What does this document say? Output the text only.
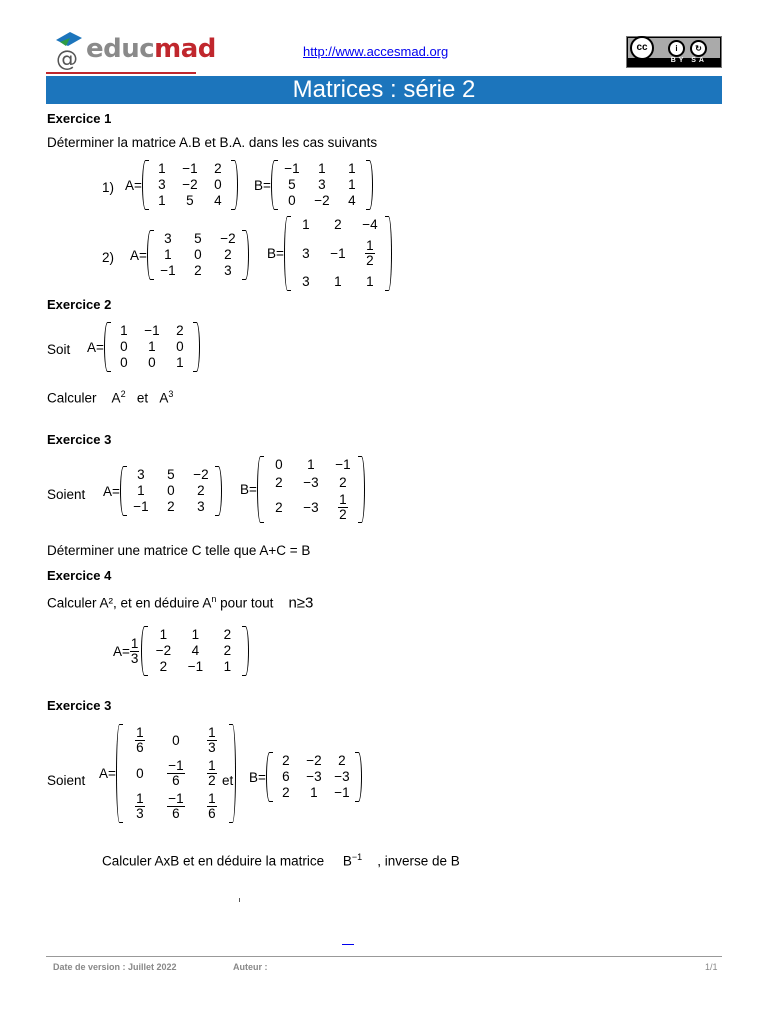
@ educmad	http://www.accesmad.org	cc	i	↻
BY SA
Matrices : série 2
Exercice 1
Déterminer la matrice A.B et B.A. dans les cas suivants
1) A=
1 −1 2
3 −2 0
1 5 4
B=
−1 1 1
5 3 1
0 −2 4
2) A=
3 5 −2
1 0 2
−1 2 3
B=
1 2 −4
$3 -1 \frac{1}{2}$
3 1 1
Exercice 2
Soit A=
1 −1 2
0 1 0
0 0 1
Calculer $A^2$ et $A^3$
Exercice 3
Soient A=
3 5 −2
1 0 2
−1 2 3
B=
0 1 −1
2 −3 2
$2 -3 \frac{1}{2}$
Déterminer une matrice C telle que A+C = B
Exercice 4
Calculer A², et en déduire $A^n$ pour tout n≥3
$A= \frac{1}{3}$
1 1 2
−2 4 2
2 −1 1
Exercice 3
Soient A=
$\frac{1}{6} 0 \frac{1}{3}$
$0 \frac{-1}{6} \frac{1}{2}$
$\frac{1}{3} \frac{-1}{6} \frac{1}{6}$
et B=
2 −2 2
6 −3 −3
2 1 −1
Calculer AxB et en déduire la matrice $B^{-1}$ , inverse de B
Date de version : Juillet 2022	Auteur :	1/1
